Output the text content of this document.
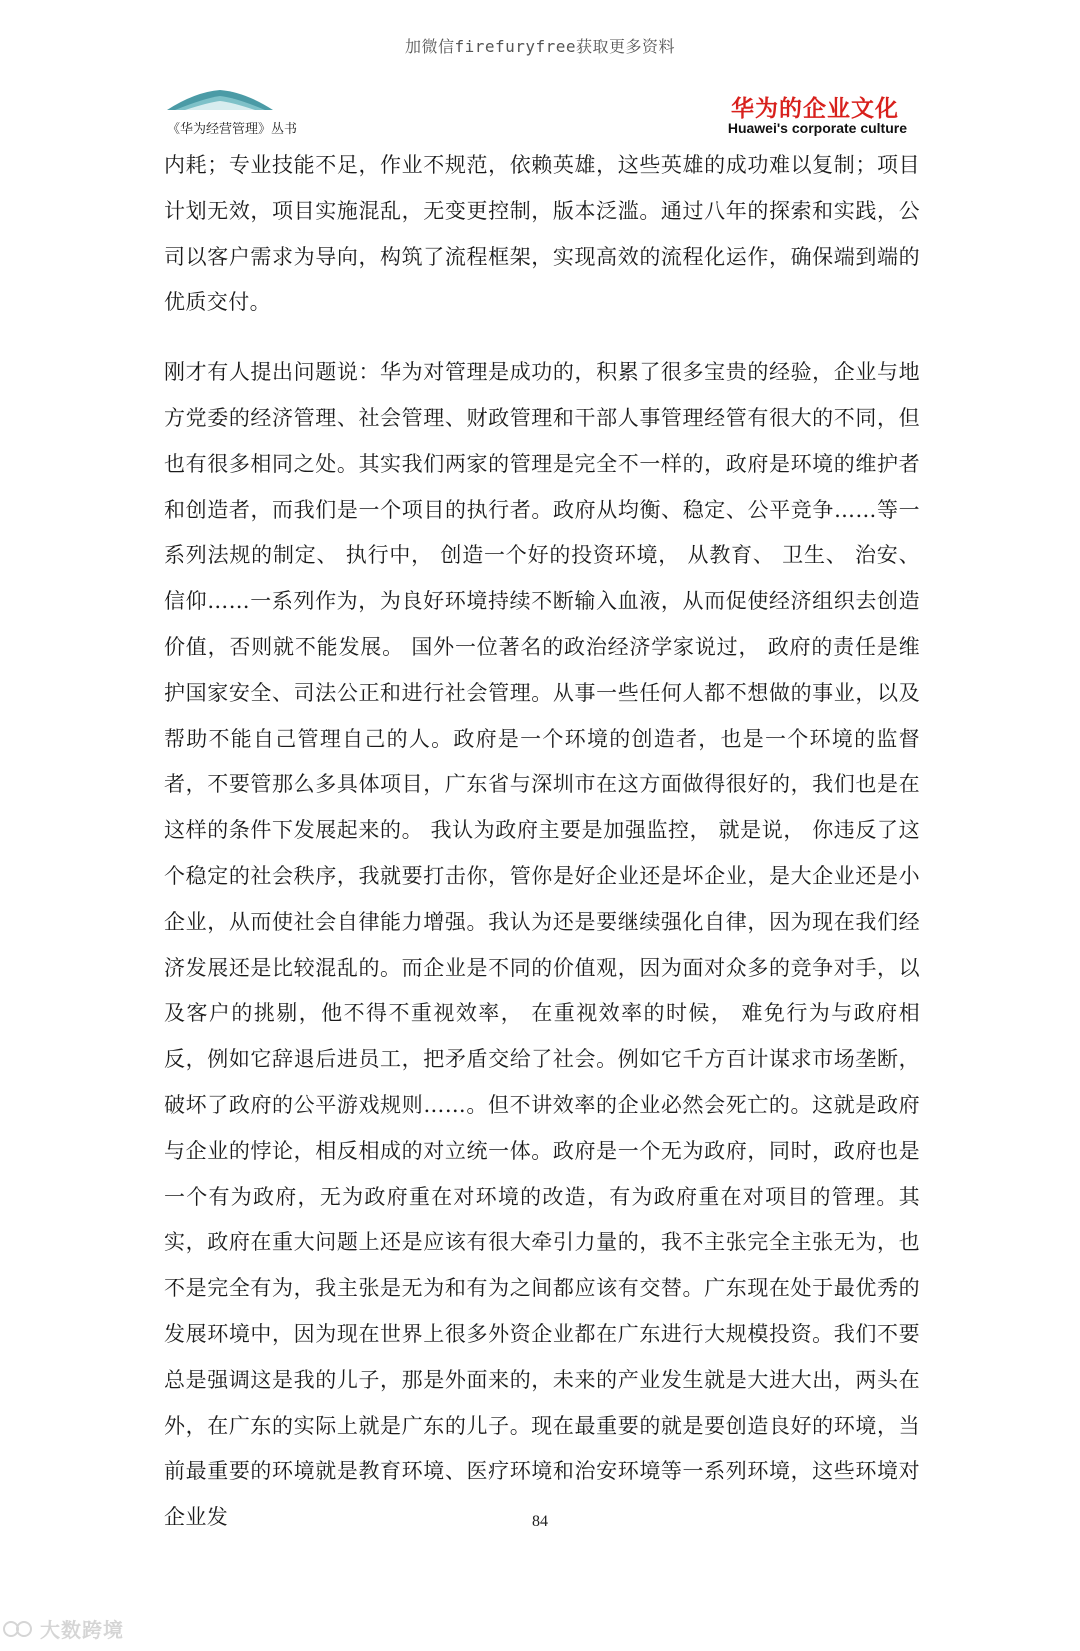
加微信firefuryfree获取更多资料
《华为经营管理》丛书
华为的企业文化
Huawei's corporate culture

内耗；专业技能不足，作业不规范，依赖英雄，这些英雄的成功难以复制；项目计划无效，项目实施混乱，无变更控制，版本泛滥。通过八年的探索和实践，公司以客户需求为导向，构筑了流程框架，实现高效的流程化运作，确保端到端的优质交付。

刚才有人提出问题说：华为对管理是成功的，积累了很多宝贵的经验，企业与地方党委的经济管理、社会管理、财政管理和干部人事管理经管有很大的不同，但也有很多相同之处。其实我们两家的管理是完全不一样的，政府是环境的维护者和创造者，而我们是一个项目的执行者。政府从均衡、稳定、公平竞争……等一系列法规的制定、 执行中， 创造一个好的投资环境， 从教育、 卫生、 治安、信仰……一系列作为，为良好环境持续不断输入血液，从而促使经济组织去创造价值，否则就不能发展。 国外一位著名的政治经济学家说过， 政府的责任是维护国家安全、司法公正和进行社会管理。从事一些任何人都不想做的事业，以及帮助不能自己管理自己的人。政府是一个环境的创造者，也是一个环境的监督者，不要管那么多具体项目，广东省与深圳市在这方面做得很好的，我们也是在这样的条件下发展起来的。 我认为政府主要是加强监控， 就是说， 你违反了这个稳定的社会秩序，我就要打击你，管你是好企业还是坏企业，是大企业还是小企业，从而使社会自律能力增强。我认为还是要继续强化自律，因为现在我们经济发展还是比较混乱的。而企业是不同的价值观，因为面对众多的竞争对手，以及客户的挑剔，他不得不重视效率， 在重视效率的时候， 难免行为与政府相反，例如它辞退后进员工，把矛盾交给了社会。例如它千方百计谋求市场垄断，破坏了政府的公平游戏规则……。但不讲效率的企业必然会死亡的。这就是政府与企业的悖论，相反相成的对立统一体。政府是一个无为政府，同时，政府也是一个有为政府，无为政府重在对环境的改造，有为政府重在对项目的管理。其实，政府在重大问题上还是应该有很大牵引力量的，我不主张完全主张无为，也不是完全有为，我主张是无为和有为之间都应该有交替。广东现在处于最优秀的发展环境中，因为现在世界上很多外资企业都在广东进行大规模投资。我们不要总是强调这是我的儿子，那是外面来的，未来的产业发生就是大进大出，两头在外，在广东的实际上就是广东的儿子。现在最重要的就是要创造良好的环境，当前最重要的环境就是教育环境、医疗环境和治安环境等一系列环境，这些环境对企业发	84
大数跨境
